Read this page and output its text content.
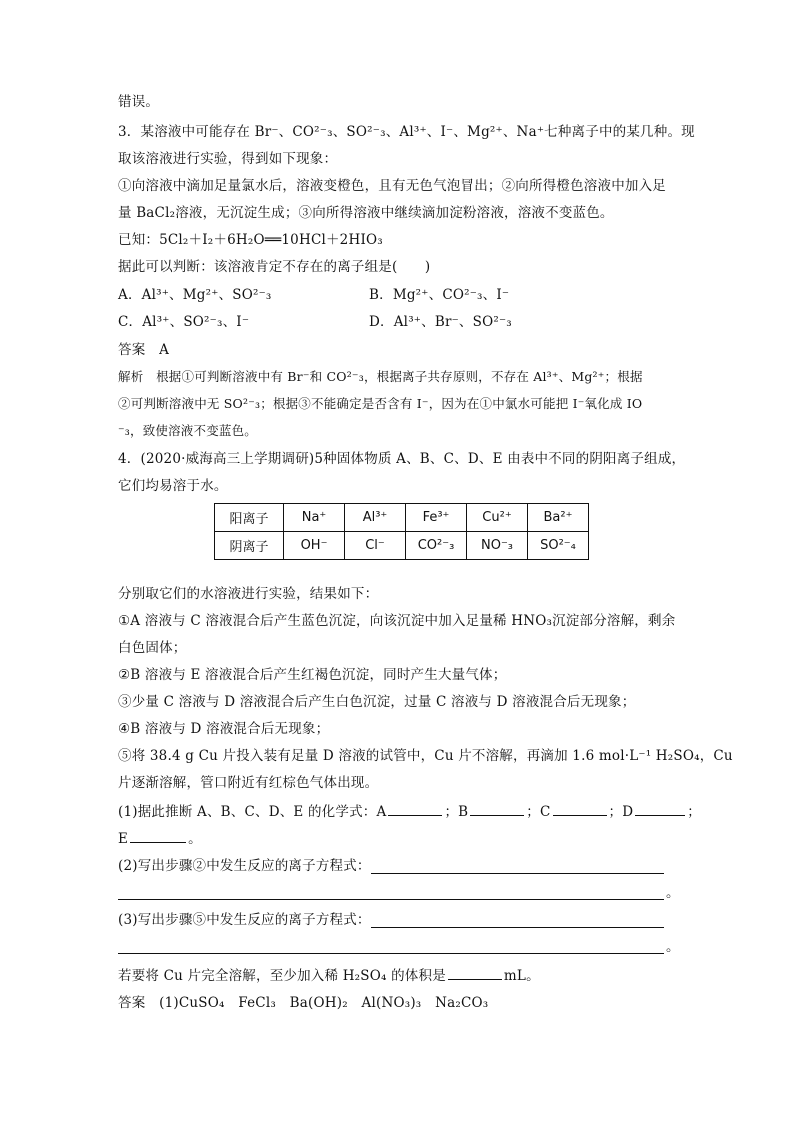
错误。
3．某溶液中可能存在 Br⁻、CO²⁻₃、SO²⁻₃、Al³⁺、I⁻、Mg²⁺、Na⁺七种离子中的某几种。现
取该溶液进行实验，得到如下现象：
①向溶液中滴加足量氯水后，溶液变橙色，且有无色气泡冒出；②向所得橙色溶液中加入足
量 BaCl₂溶液，无沉淀生成；③向所得溶液中继续滴加淀粉溶液，溶液不变蓝色。
已知：5Cl₂＋I₂＋6H₂O══10HCl＋2HIO₃
据此可以判断：该溶液肯定不存在的离子组是(　　)
A．Al³⁺、Mg²⁺、SO²⁻₃	B．Mg²⁺、CO²⁻₃、I⁻
C．Al³⁺、SO²⁻₃、I⁻	D．Al³⁺、Br⁻、SO²⁻₃
答案　A
解析　根据①可判断溶液中有 Br⁻和 CO²⁻₃，根据离子共存原则，不存在 Al³⁺、Mg²⁺；根据
②可判断溶液中无 SO²⁻₃；根据③不能确定是否含有 I⁻，因为在①中氯水可能把 I⁻氧化成 IO
⁻₃，致使溶液不变蓝色。
4．(2020·威海高三上学期调研)5种固体物质 A、B、C、D、E 由表中不同的阴阳离子组成，
它们均易溶于水。
阳离子	Na⁺	Al³⁺	Fe³⁺	Cu²⁺	Ba²⁺
阴离子	OH⁻	Cl⁻	CO²⁻₃	NO⁻₃	SO²⁻₄
分别取它们的水溶液进行实验，结果如下：
①A 溶液与 C 溶液混合后产生蓝色沉淀，向该沉淀中加入足量稀 HNO₃沉淀部分溶解，剩余
白色固体；
②B 溶液与 E 溶液混合后产生红褐色沉淀，同时产生大量气体；
③少量 C 溶液与 D 溶液混合后产生白色沉淀，过量 C 溶液与 D 溶液混合后无现象；
④B 溶液与 D 溶液混合后无现象；
⑤将 38.4 g Cu 片投入装有足量 D 溶液的试管中，Cu 片不溶解，再滴加 1.6 mol·L⁻¹ H₂SO₄，Cu
片逐渐溶解，管口附近有红棕色气体出现。
(1)据此推断 A、B、C、D、E 的化学式：A	；B	；C	；D	；
E	。
(2)写出步骤②中发生反应的离子方程式：
。
(3)写出步骤⑤中发生反应的离子方程式：
。
若要将 Cu 片完全溶解，至少加入稀 H₂SO₄ 的体积是	mL。
答案　(1)CuSO₄　FeCl₃　Ba(OH)₂　Al(NO₃)₃　Na₂CO₃
